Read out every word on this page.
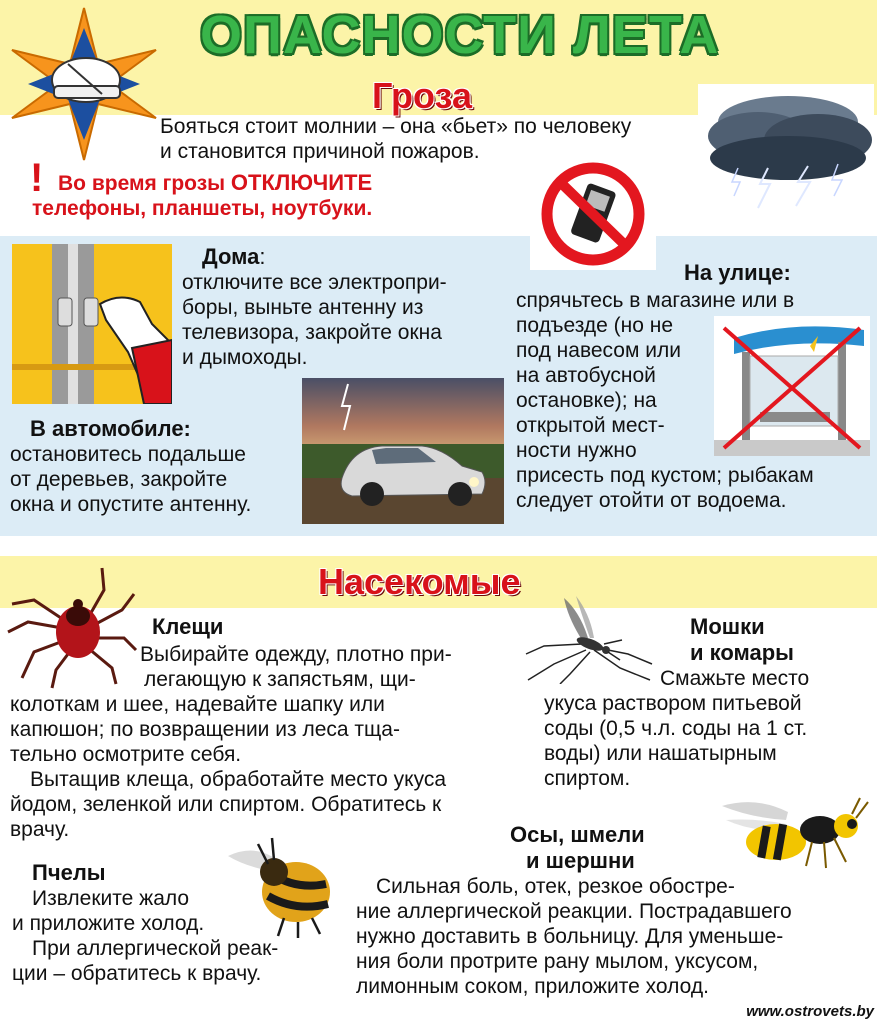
ОПАСНОСТИ ЛЕТА
Гроза
Бояться стоит молнии – она «бьет» по человеку
и становится причиной пожаров.
! Во время грозы ОТКЛЮЧИТЕ
телефоны, планшеты, ноутбуки.
Дома:
отключите все электропри-
боры, выньте антенну из
телевизора, закройте окна
и дымоходы.
На улице:
спрячьтесь в магазине или в
подъезде (но не
под навесом или
на автобусной
остановке); на
открытой мест-
ности нужно
присесть под кустом; рыбакам
следует отойти от водоема.
В автомобиле:
остановитесь подальше
от деревьев, закройте
окна и опустите антенну.
Насекомые
Клещи
Выбирайте одежду, плотно при-
легающую к запястьям, щи-
колоткам и шее, надевайте шапку или
капюшон; по возвращении из леса тща-
тельно осмотрите себя.
Вытащив клеща, обработайте место укуса
йодом, зеленкой или спиртом. Обратитесь к
врачу.
Мошки
и комары
Смажьте место
укуса раствором питьевой
соды (0,5 ч.л. соды на 1 ст.
воды) или нашатырным
спиртом.
Осы, шмели
и шершни
Сильная боль, отек, резкое обостре-
ние аллергической реакции. Пострадавшего
нужно доставить в больницу. Для уменьше-
ния боли протрите рану мылом, уксусом,
лимонным соком, приложите холод.
Пчелы
Извлеките жало
и приложите холод.
При аллергической реак-
ции – обратитесь к врачу.
www.ostrovets.by
